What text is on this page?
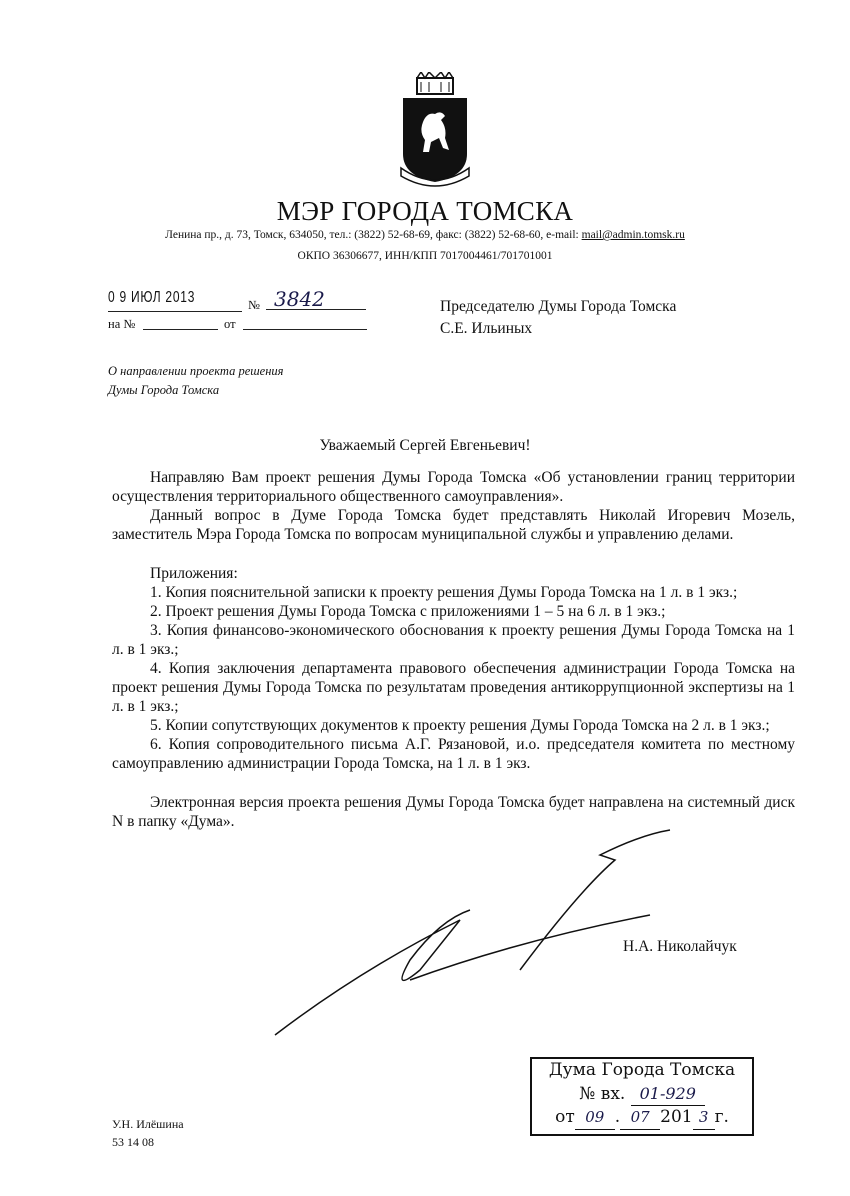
МЭР ГОРОДА ТОМСКА
Ленина пр., д. 73, Томск, 634050, тел.: (3822) 52-68-69, факс: (3822) 52-68-60, e-mail: mail@admin.tomsk.ru
ОКПО 36306677, ИНН/КПП 7017004461/701701001
0 9 ИЮЛ 2013	№ 3842
на №	от
Председателю Думы Города Томска
С.Е. Ильиных
О направлении проекта решения
Думы Города Томска
Уважаемый Сергей Евгеньевич!
Направляю Вам проект решения Думы Города Томска «Об установлении границ территории осуществления территориального общественного самоуправления».
Данный вопрос в Думе Города Томска будет представлять Николай Игоревич Мозель, заместитель Мэра Города Томска по вопросам муниципальной службы и управлению делами.
Приложения:
1. Копия пояснительной записки к проекту решения Думы Города Томска на 1 л. в 1 экз.;
2. Проект решения Думы Города Томска с приложениями 1 – 5 на 6 л. в 1 экз.;
3. Копия финансово-экономического обоснования к проекту решения Думы Города Томска на 1 л. в 1 экз.;
4. Копия заключения департамента правового обеспечения администрации Города Томска на проект решения Думы Города Томска по результатам проведения антикоррупционной экспертизы на 1 л. в 1 экз.;
5. Копии сопутствующих документов к проекту решения Думы Города Томска на 2 л. в 1 экз.;
6. Копия сопроводительного письма А.Г. Рязановой, и.о. председателя комитета по местному самоуправлению администрации Города Томска, на 1 л. в 1 экз.
Электронная версия проекта решения Думы Города Томска будет направлена на системный диск N в папку «Дума».
Н.А. Николайчук
Дума Города Томска
№ вх. 01-929
от 09 . 07 201 3 г.
У.Н. Илёшина
53 14 08
